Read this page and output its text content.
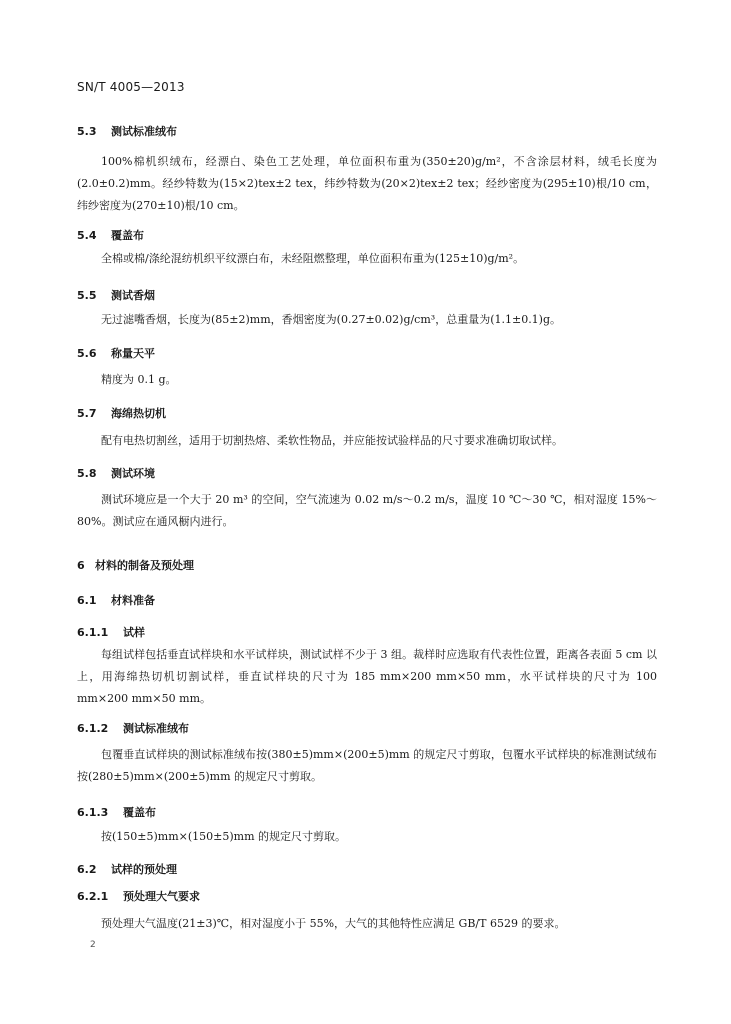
SN/T 4005—2013
5.3 测试标准绒布
100%棉机织绒布，经漂白、染色工艺处理，单位面积布重为(350±20)g/m²，不含涂层材料，绒毛长度为(2.0±0.2)mm。经纱特数为(15×2)tex±2 tex，纬纱特数为(20×2)tex±2 tex；经纱密度为(295±10)根/10 cm，纬纱密度为(270±10)根/10 cm。
5.4 覆盖布
全棉或棉/涤纶混纺机织平纹漂白布，未经阻燃整理，单位面积布重为(125±10)g/m²。
5.5 测试香烟
无过滤嘴香烟，长度为(85±2)mm，香烟密度为(0.27±0.02)g/cm³，总重量为(1.1±0.1)g。
5.6 称量天平
精度为 0.1 g。
5.7 海绵热切机
配有电热切割丝，适用于切割热熔、柔软性物品，并应能按试验样品的尺寸要求准确切取试样。
5.8 测试环境
测试环境应是一个大于 20 m³ 的空间，空气流速为 0.02 m/s～0.2 m/s，温度 10 ℃～30 ℃，相对湿度 15%～80%。测试应在通风橱内进行。
6 材料的制备及预处理
6.1 材料准备
6.1.1 试样
每组试样包括垂直试样块和水平试样块，测试试样不少于 3 组。裁样时应选取有代表性位置，距离各表面 5 cm 以上，用海绵热切机切割试样，垂直试样块的尺寸为 185 mm×200 mm×50 mm，水平试样块的尺寸为 100 mm×200 mm×50 mm。
6.1.2 测试标准绒布
包覆垂直试样块的测试标准绒布按(380±5)mm×(200±5)mm 的规定尺寸剪取，包覆水平试样块的标准测试绒布按(280±5)mm×(200±5)mm 的规定尺寸剪取。
6.1.3 覆盖布
按(150±5)mm×(150±5)mm 的规定尺寸剪取。
6.2 试样的预处理
6.2.1 预处理大气要求
预处理大气温度(21±3)℃，相对湿度小于 55%，大气的其他特性应满足 GB/T 6529 的要求。
2
